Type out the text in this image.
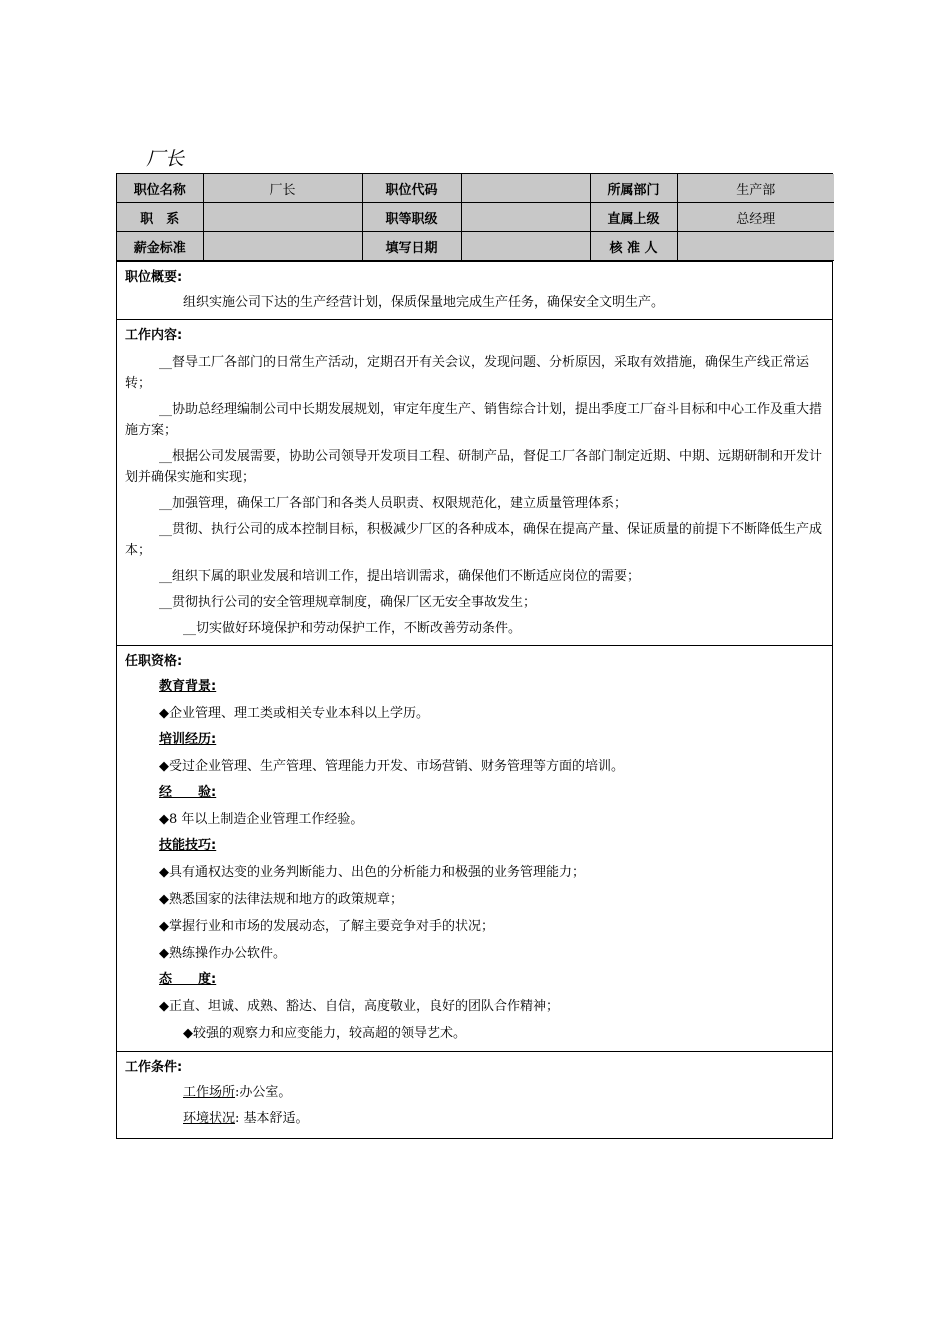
厂长
职位名称	厂长	职位代码		所属部门	生产部
职　系		职等职级		直属上级	总经理
薪金标准		填写日期		核 准 人	
职位概要:
组织实施公司下达的生产经营计划，保质保量地完成生产任务，确保安全文明生产。
工作内容:
__督导工厂各部门的日常生产活动，定期召开有关会议，发现问题、分析原因，采取有效措施，确保生产线正常运转；
__协助总经理编制公司中长期发展规划，审定年度生产、销售综合计划，提出季度工厂奋斗目标和中心工作及重大措施方案；
__根据公司发展需要，协助公司领导开发项目工程、研制产品，督促工厂各部门制定近期、中期、远期研制和开发计划并确保实施和实现；
__加强管理，确保工厂各部门和各类人员职责、权限规范化，建立质量管理体系；
__贯彻、执行公司的成本控制目标，积极减少厂区的各种成本，确保在提高产量、保证质量的前提下不断降低生产成本；
__组织下属的职业发展和培训工作，提出培训需求，确保他们不断适应岗位的需要；
__贯彻执行公司的安全管理规章制度，确保厂区无安全事故发生；
__切实做好环境保护和劳动保护工作，不断改善劳动条件。
任职资格:
教育背景:
◆企业管理、理工类或相关专业本科以上学历。
培训经历:
◆受过企业管理、生产管理、管理能力开发、市场营销、财务管理等方面的培训。
经　　验:
◆8 年以上制造企业管理工作经验。
技能技巧:
◆具有通权达变的业务判断能力、出色的分析能力和极强的业务管理能力；
◆熟悉国家的法律法规和地方的政策规章；
◆掌握行业和市场的发展动态，了解主要竞争对手的状况；
◆熟练操作办公软件。
态　　度:
◆正直、坦诚、成熟、豁达、自信，高度敬业，良好的团队合作精神；
◆较强的观察力和应变能力，较高超的领导艺术。
工作条件:
工作场所:办公室。
环境状况: 基本舒适。
